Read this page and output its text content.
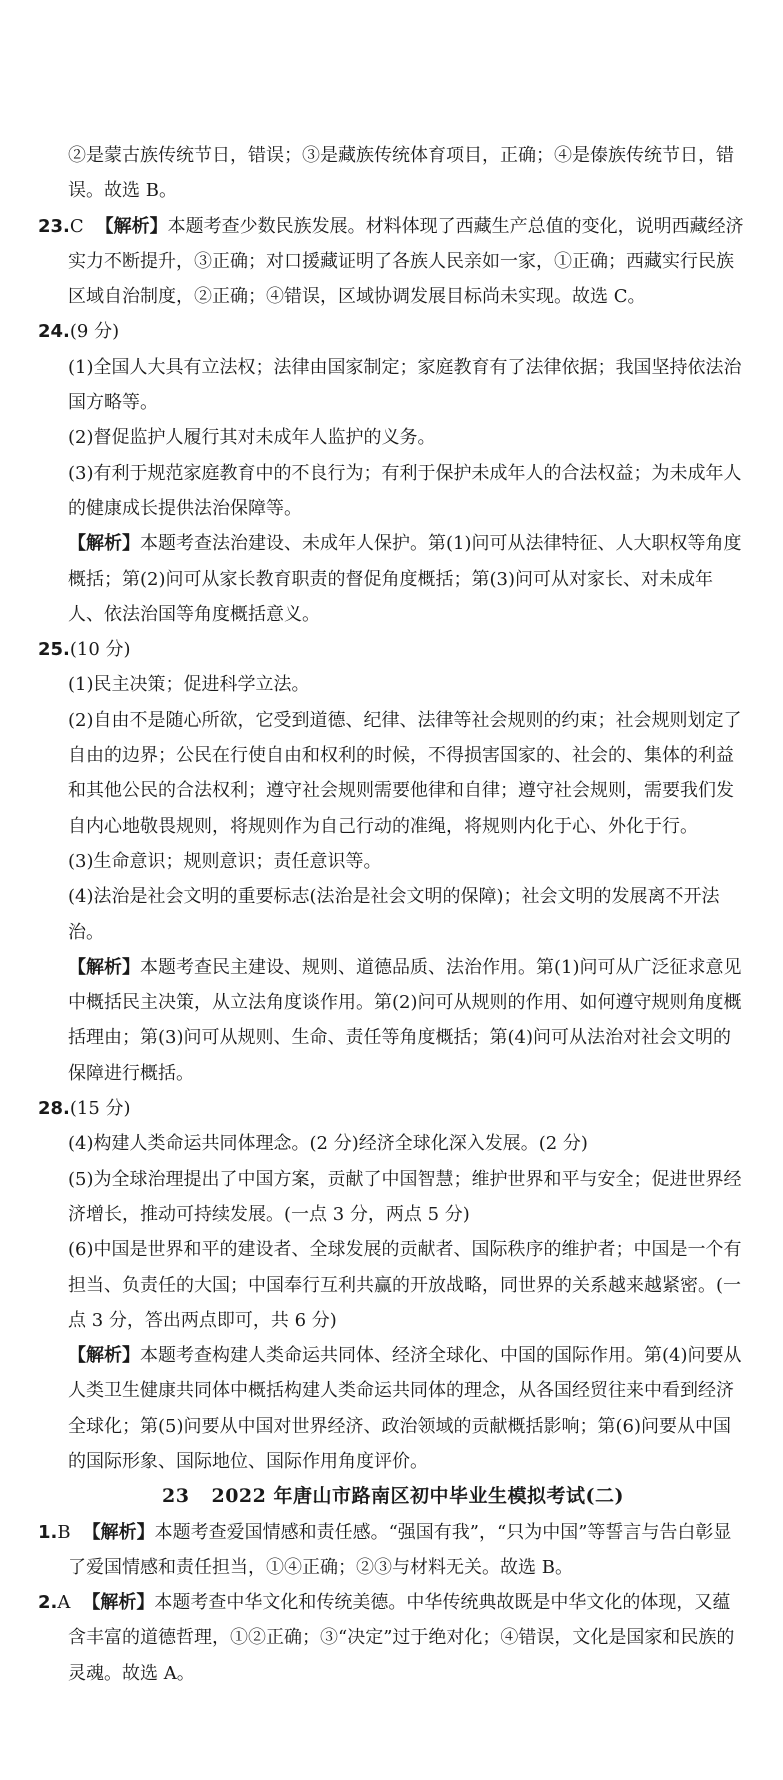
②是蒙古族传统节日，错误；③是藏族传统体育项目，正确；④是傣族传统节日，错误。故选 B。

23.C 【解析】本题考查少数民族发展。材料体现了西藏生产总值的变化，说明西藏经济实力不断提升，③正确；对口援藏证明了各族人民亲如一家，①正确；西藏实行民族区域自治制度，②正确；④错误，区域协调发展目标尚未实现。故选 C。

24.(9 分)

(1)全国人大具有立法权；法律由国家制定；家庭教育有了法律依据；我国坚持依法治国方略等。

(2)督促监护人履行其对未成年人监护的义务。

(3)有利于规范家庭教育中的不良行为；有利于保护未成年人的合法权益；为未成年人的健康成长提供法治保障等。

【解析】本题考查法治建设、未成年人保护。第(1)问可从法律特征、人大职权等角度概括；第(2)问可从家长教育职责的督促角度概括；第(3)问可从对家长、对未成年人、依法治国等角度概括意义。

25.(10 分)

(1)民主决策；促进科学立法。

(2)自由不是随心所欲，它受到道德、纪律、法律等社会规则的约束；社会规则划定了自由的边界；公民在行使自由和权利的时候，不得损害国家的、社会的、集体的利益和其他公民的合法权利；遵守社会规则需要他律和自律；遵守社会规则，需要我们发自内心地敬畏规则，将规则作为自己行动的准绳，将规则内化于心、外化于行。

(3)生命意识；规则意识；责任意识等。

(4)法治是社会文明的重要标志(法治是社会文明的保障)；社会文明的发展离不开法治。

【解析】本题考查民主建设、规则、道德品质、法治作用。第(1)问可从广泛征求意见中概括民主决策，从立法角度谈作用。第(2)问可从规则的作用、如何遵守规则角度概括理由；第(3)问可从规则、生命、责任等角度概括；第(4)问可从法治对社会文明的保障进行概括。

28.(15 分)

(4)构建人类命运共同体理念。(2 分)经济全球化深入发展。(2 分)

(5)为全球治理提出了中国方案，贡献了中国智慧；维护世界和平与安全；促进世界经济增长，推动可持续发展。(一点 3 分，两点 5 分)

(6)中国是世界和平的建设者、全球发展的贡献者、国际秩序的维护者；中国是一个有担当、负责任的大国；中国奉行互利共赢的开放战略，同世界的关系越来越紧密。(一点 3 分，答出两点即可，共 6 分)

【解析】本题考查构建人类命运共同体、经济全球化、中国的国际作用。第(4)问要从人类卫生健康共同体中概括构建人类命运共同体的理念，从各国经贸往来中看到经济全球化；第(5)问要从中国对世界经济、政治领域的贡献概括影响；第(6)问要从中国的国际形象、国际地位、国际作用角度评价。

23 2022 年唐山市路南区初中毕业生模拟考试(二)

1.B 【解析】本题考查爱国情感和责任感。“强国有我”，“只为中国”等誓言与告白彰显了爱国情感和责任担当，①④正确；②③与材料无关。故选 B。

2.A 【解析】本题考查中华文化和传统美德。中华传统典故既是中华文化的体现，又蕴含丰富的道德哲理，①②正确；③“决定”过于绝对化；④错误，文化是国家和民族的灵魂。故选 A。
